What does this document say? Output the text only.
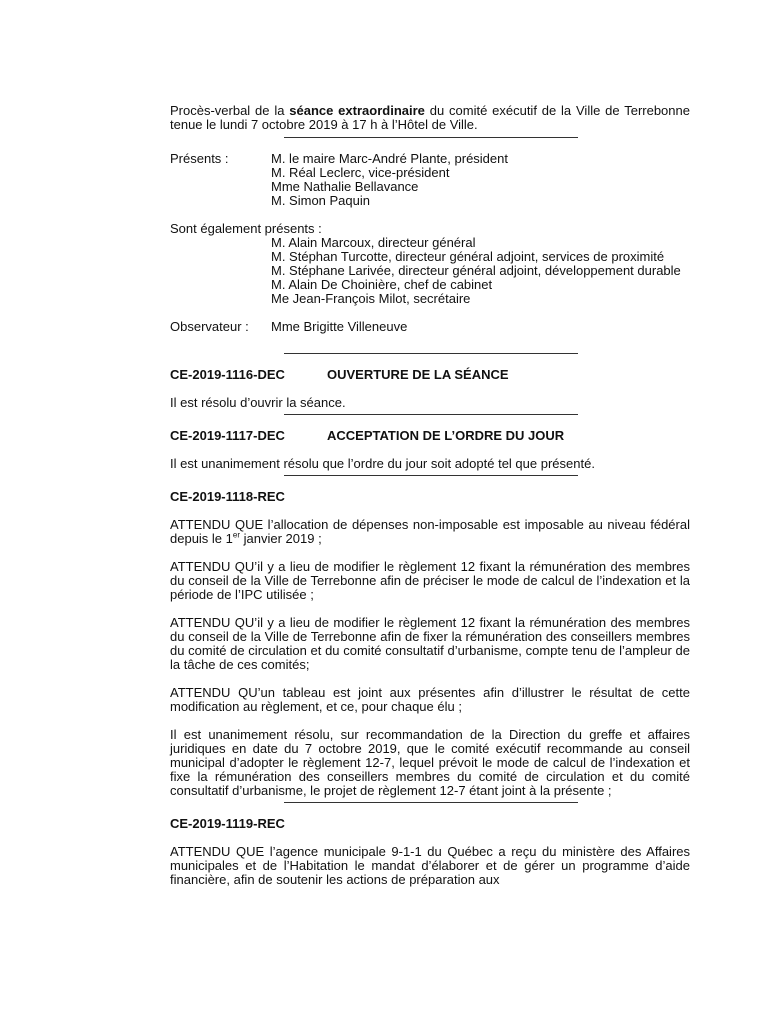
Procès-verbal de la séance extraordinaire du comité exécutif de la Ville de Terrebonne tenue le lundi 7 octobre 2019 à 17 h à l’Hôtel de Ville.

Présents :	M. le maire Marc-André Plante, président
M. Réal Leclerc, vice-président
Mme Nathalie Bellavance
M. Simon Paquin

Sont également présents :

M. Alain Marcoux, directeur général
M. Stéphan Turcotte, directeur général adjoint, services de proximité
M. Stéphane Larivée, directeur général adjoint, développement durable
M. Alain De Choinière, chef de cabinet
Me Jean-François Milot, secrétaire
Observateur :	Mme Brigitte Villeneuve
CE-2019-1116-DEC	OUVERTURE DE LA SÉANCE

Il est résolu d’ouvrir la séance.

CE-2019-1117-DEC	ACCEPTATION DE L’ORDRE DU JOUR

Il est unanimement résolu que l’ordre du jour soit adopté tel que présenté.

CE-2019-1118-REC

ATTENDU QUE l’allocation de dépenses non-imposable est imposable au niveau fédéral depuis le 1er janvier 2019 ;

ATTENDU QU’il y a lieu de modifier le règlement 12 fixant la rémunération des membres du conseil de la Ville de Terrebonne afin de préciser le mode de calcul de l’indexation et la période de l’IPC utilisée ;

ATTENDU QU’il y a lieu de modifier le règlement 12 fixant la rémunération des membres du conseil de la Ville de Terrebonne afin de fixer la rémunération des conseillers membres du comité de circulation et du comité consultatif d’urbanisme, compte tenu de l’ampleur de la tâche de ces comités;

ATTENDU QU’un tableau est joint aux présentes afin d’illustrer le résultat de cette modification au règlement, et ce, pour chaque élu ;

Il est unanimement résolu, sur recommandation de la Direction du greffe et affaires juridiques en date du 7 octobre 2019, que le comité exécutif recommande au conseil municipal d’adopter le règlement 12-7, lequel prévoit le mode de calcul de l’indexation et fixe la rémunération des conseillers membres du comité de circulation et du comité consultatif d’urbanisme, le projet de règlement 12-7 étant joint à la présente ;

CE-2019-1119-REC

ATTENDU QUE l’agence municipale 9-1-1 du Québec a reçu du ministère des Affaires municipales et de l’Habitation le mandat d’élaborer et de gérer un programme d’aide financière, afin de soutenir les actions de préparation aux
